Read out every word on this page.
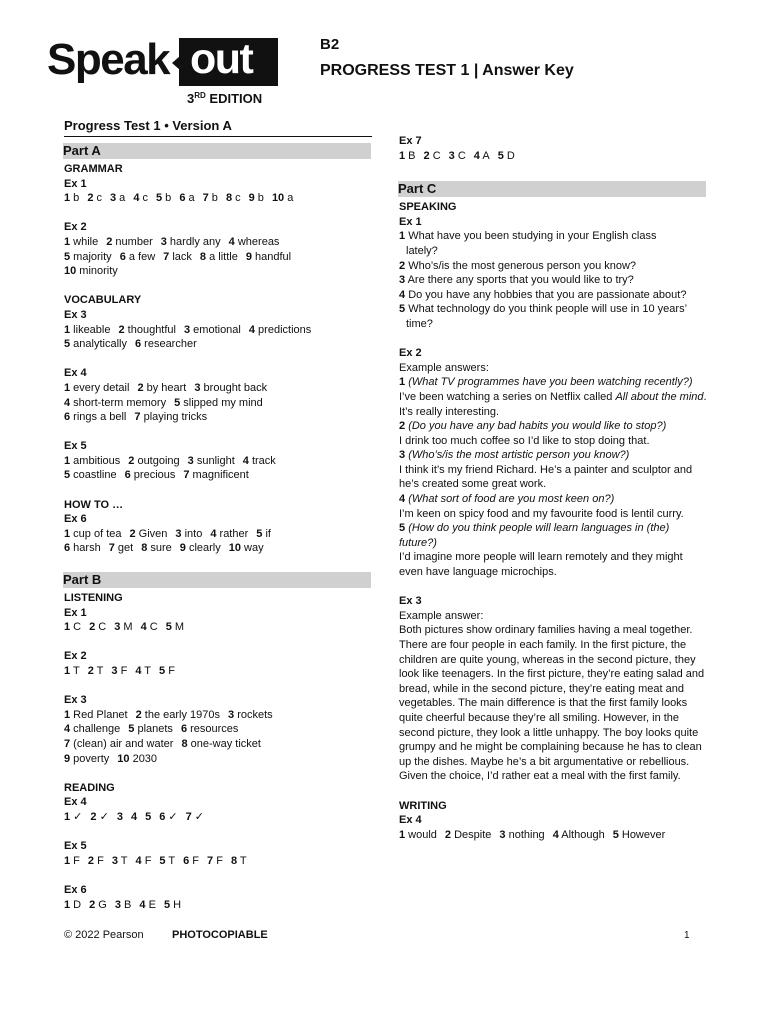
Speak out
3RD EDITION
B2
PROGRESS TEST 1 | Answer Key
Progress Test 1 • Version A
Part A
GRAMMAR
Ex 1
1 b 2 c 3 a 4 c 5 b 6 a 7 b 8 c 9 b 10 a
Ex 2
1 while 2 number 3 hardly any 4 whereas
5 majority 6 a few 7 lack 8 a little 9 handful
10 minority
VOCABULARY
Ex 3
1 likeable 2 thoughtful 3 emotional 4 predictions
5 analytically 6 researcher
Ex 4
1 every detail 2 by heart 3 brought back
4 short-term memory 5 slipped my mind
6 rings a bell 7 playing tricks
Ex 5
1 ambitious 2 outgoing 3 sunlight 4 track
5 coastline 6 precious 7 magnificent
HOW TO …
Ex 6
1 cup of tea 2 Given 3 into 4 rather 5 if
6 harsh 7 get 8 sure 9 clearly 10 way
Part B
LISTENING
Ex 1
1 C 2 C 3 M 4 C 5 M
Ex 2
1 T 2 T 3 F 4 T 5 F
Ex 3
1 Red Planet 2 the early 1970s 3 rockets
4 challenge 5 planets 6 resources
7 (clean) air and water 8 one-way ticket
9 poverty 10 2030
READING
Ex 4
1 ✓ 2 ✓ 3 4 5 6 ✓ 7 ✓
Ex 5
1 F 2 F 3 T 4 F 5 T 6 F 7 F 8 T
Ex 6
1 D 2 G 3 B 4 E 5 H
Ex 7
1 B 2 C 3 C 4 A 5 D
Part C
SPEAKING
Ex 1
1 What have you been studying in your English class
lately?
2 Who’s/is the most generous person you know?
3 Are there any sports that you would like to try?
4 Do you have any hobbies that you are passionate about?
5 What technology do you think people will use in 10 years’
time?
Ex 2
Example answers:
1 (What TV programmes have you been watching recently?)
I’ve been watching a series on Netflix called All about the mind. It’s really interesting.
2 (Do you have any bad habits you would like to stop?)
I drink too much coffee so I’d like to stop doing that.
3 (Who’s/is the most artistic person you know?)
I think it’s my friend Richard. He’s a painter and sculptor and he’s created some great work.
4 (What sort of food are you most keen on?)
I’m keen on spicy food and my favourite food is lentil curry.
5 (How do you think people will learn languages in (the) future?)
I’d imagine more people will learn remotely and they might even have language microchips.
Ex 3
Example answer:
Both pictures show ordinary families having a meal together. There are four people in each family. In the first picture, the children are quite young, whereas in the second picture, they look like teenagers. In the first picture, they’re eating salad and bread, while in the second picture, they’re eating meat and vegetables. The main difference is that the first family looks quite cheerful because they’re all smiling. However, in the second picture, they look a little unhappy. The boy looks quite grumpy and he might be complaining because he has to clean up the dishes. Maybe he’s a bit argumentative or rebellious. Given the choice, I’d rather eat a meal with the first family.
WRITING
Ex 4
1 would 2 Despite 3 nothing 4 Although 5 However
© 2022 Pearson	PHOTOCOPIABLE	1
